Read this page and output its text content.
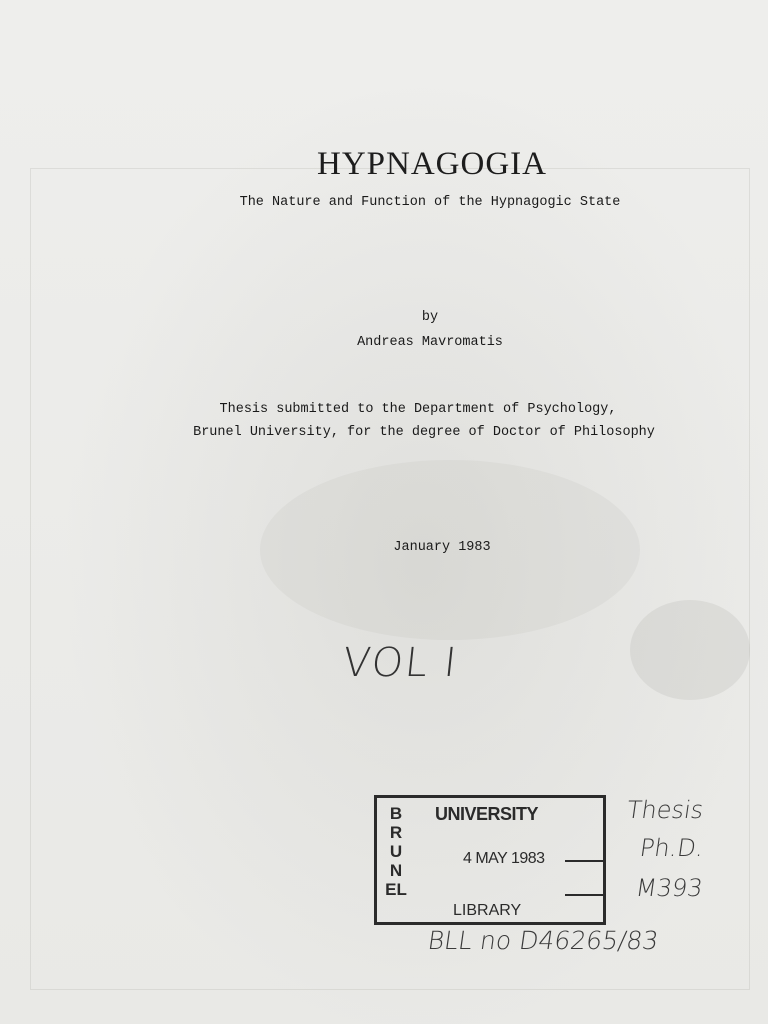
HYPNAGOGIA
The Nature and Function of the Hypnagogic State
by
Andreas Mavromatis
Thesis submitted to the Department of Psychology,
Brunel University, for the degree of Doctor of Philosophy
January 1983
VOL I
BRUNEL
UNIVERSITY
4 MAY 1983
LIBRARY
Thesis
Ph.D.
M393
BLL no D46265/83
